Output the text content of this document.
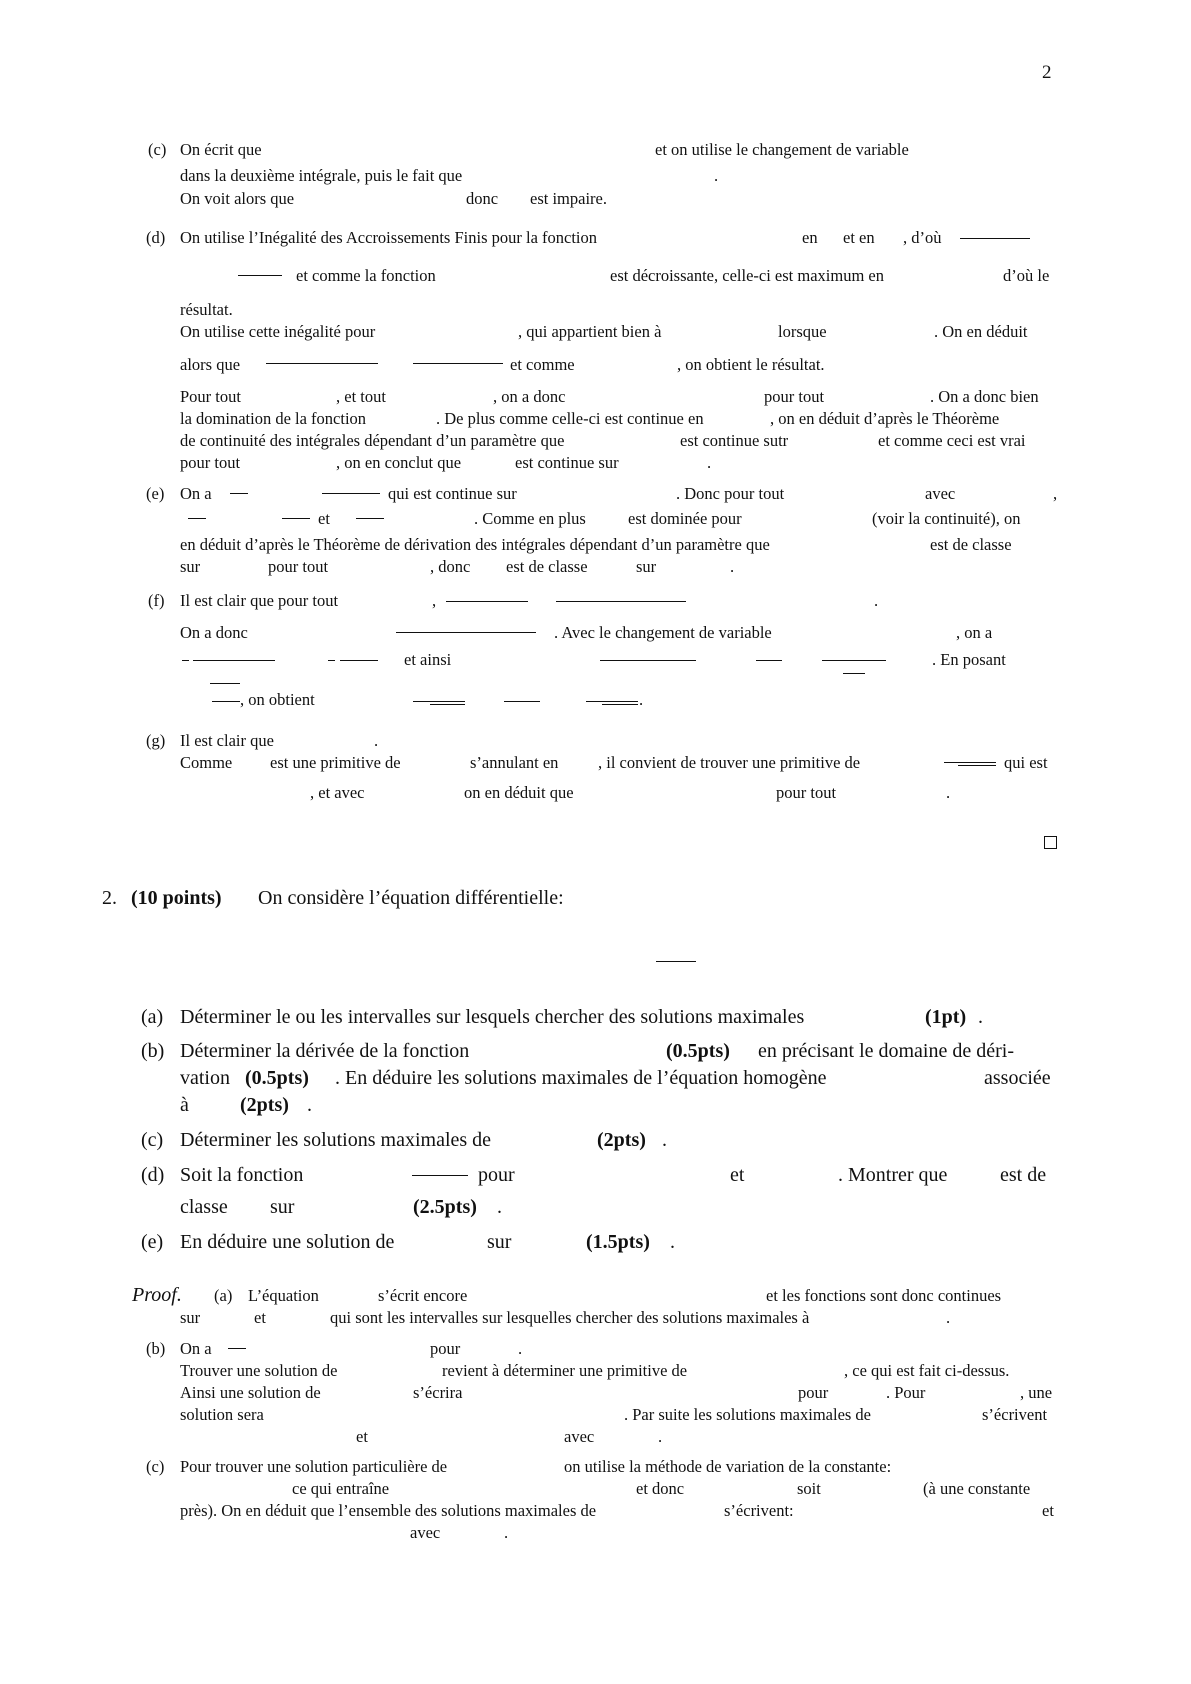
2
(c) On écrit que	et on utilise le changement de variable
dans la deuxième intégrale, puis le fait que	.
On voit alors que	donc est impaire.
(d) On utilise l’Inégalité des Accroissements Finis pour la fonction	en et en , d’où
et comme la fonction	est décroissante, celle-ci est maximum en	d’où le
résultat.
On utilise cette inégalité pour	, qui appartient bien à	lorsque	. On en déduit
alors que	et comme	, on obtient le résultat.
Pour tout	, et tout	, on a donc	pour tout	. On a donc bien
la domination de la fonction	. De plus comme celle-ci est continue en	, on en déduit d’après le Théorème
de continuité des intégrales dépendant d’un paramètre que	est continue sutr	et comme ceci est vrai
pour tout	, on en conclut que	est continue sur	.
(e) On a	qui est continue sur	. Donc pour tout	avec	,
et	. Comme en plus	est dominée pour	(voir la continuité), on
en déduit d’après le Théorème de dérivation des intégrales dépendant d’un paramètre que	est de classe
sur	pour tout	, donc est de classe	sur	.
(f) Il est clair que pour tout	,	.
On a donc	. Avec le changement de variable	, on a
et ainsi	. En posant
, on obtient	.
(g) Il est clair que	.
Comme est une primitive de	s’annulant en , il convient de trouver une primitive de	qui est
, et avec	on en déduit que	pour tout	.
2. (10 points) On considère l’équation différentielle:
(a) Déterminer le ou les intervalles sur lesquels chercher des solutions maximales	(1pt) .
(b) Déterminer la dérivée de la fonction	(0.5pts) en précisant le domaine de déri-
vation (0.5pts) . En déduire les solutions maximales de l’équation homogène	associée
à	(2pts) .
(c) Déterminer les solutions maximales de	(2pts) .
(d) Soit la fonction	pour	et	. Montrer que	est de
classe sur	(2.5pts) .
(e) En déduire une solution de	sur	(1.5pts) .
Proof. (a) L’équation	s’écrit encore	et les fonctions sont donc continues
sur	et	qui sont les intervalles sur lesquelles chercher des solutions maximales à	.
(b) On a	pour	.
Trouver une solution de	revient à déterminer une primitive de	, ce qui est fait ci-dessus.
Ainsi une solution de	s’écrira	pour	. Pour	, une
solution sera	. Par suite les solutions maximales de	s’écrivent
et	avec	.
(c) Pour trouver une solution particulière de	on utilise la méthode de variation de la constante:
ce qui entraîne	et donc	soit	(à une constante
près). On en déduit que l’ensemble des solutions maximales de	s’écrivent:	et
avec	.
